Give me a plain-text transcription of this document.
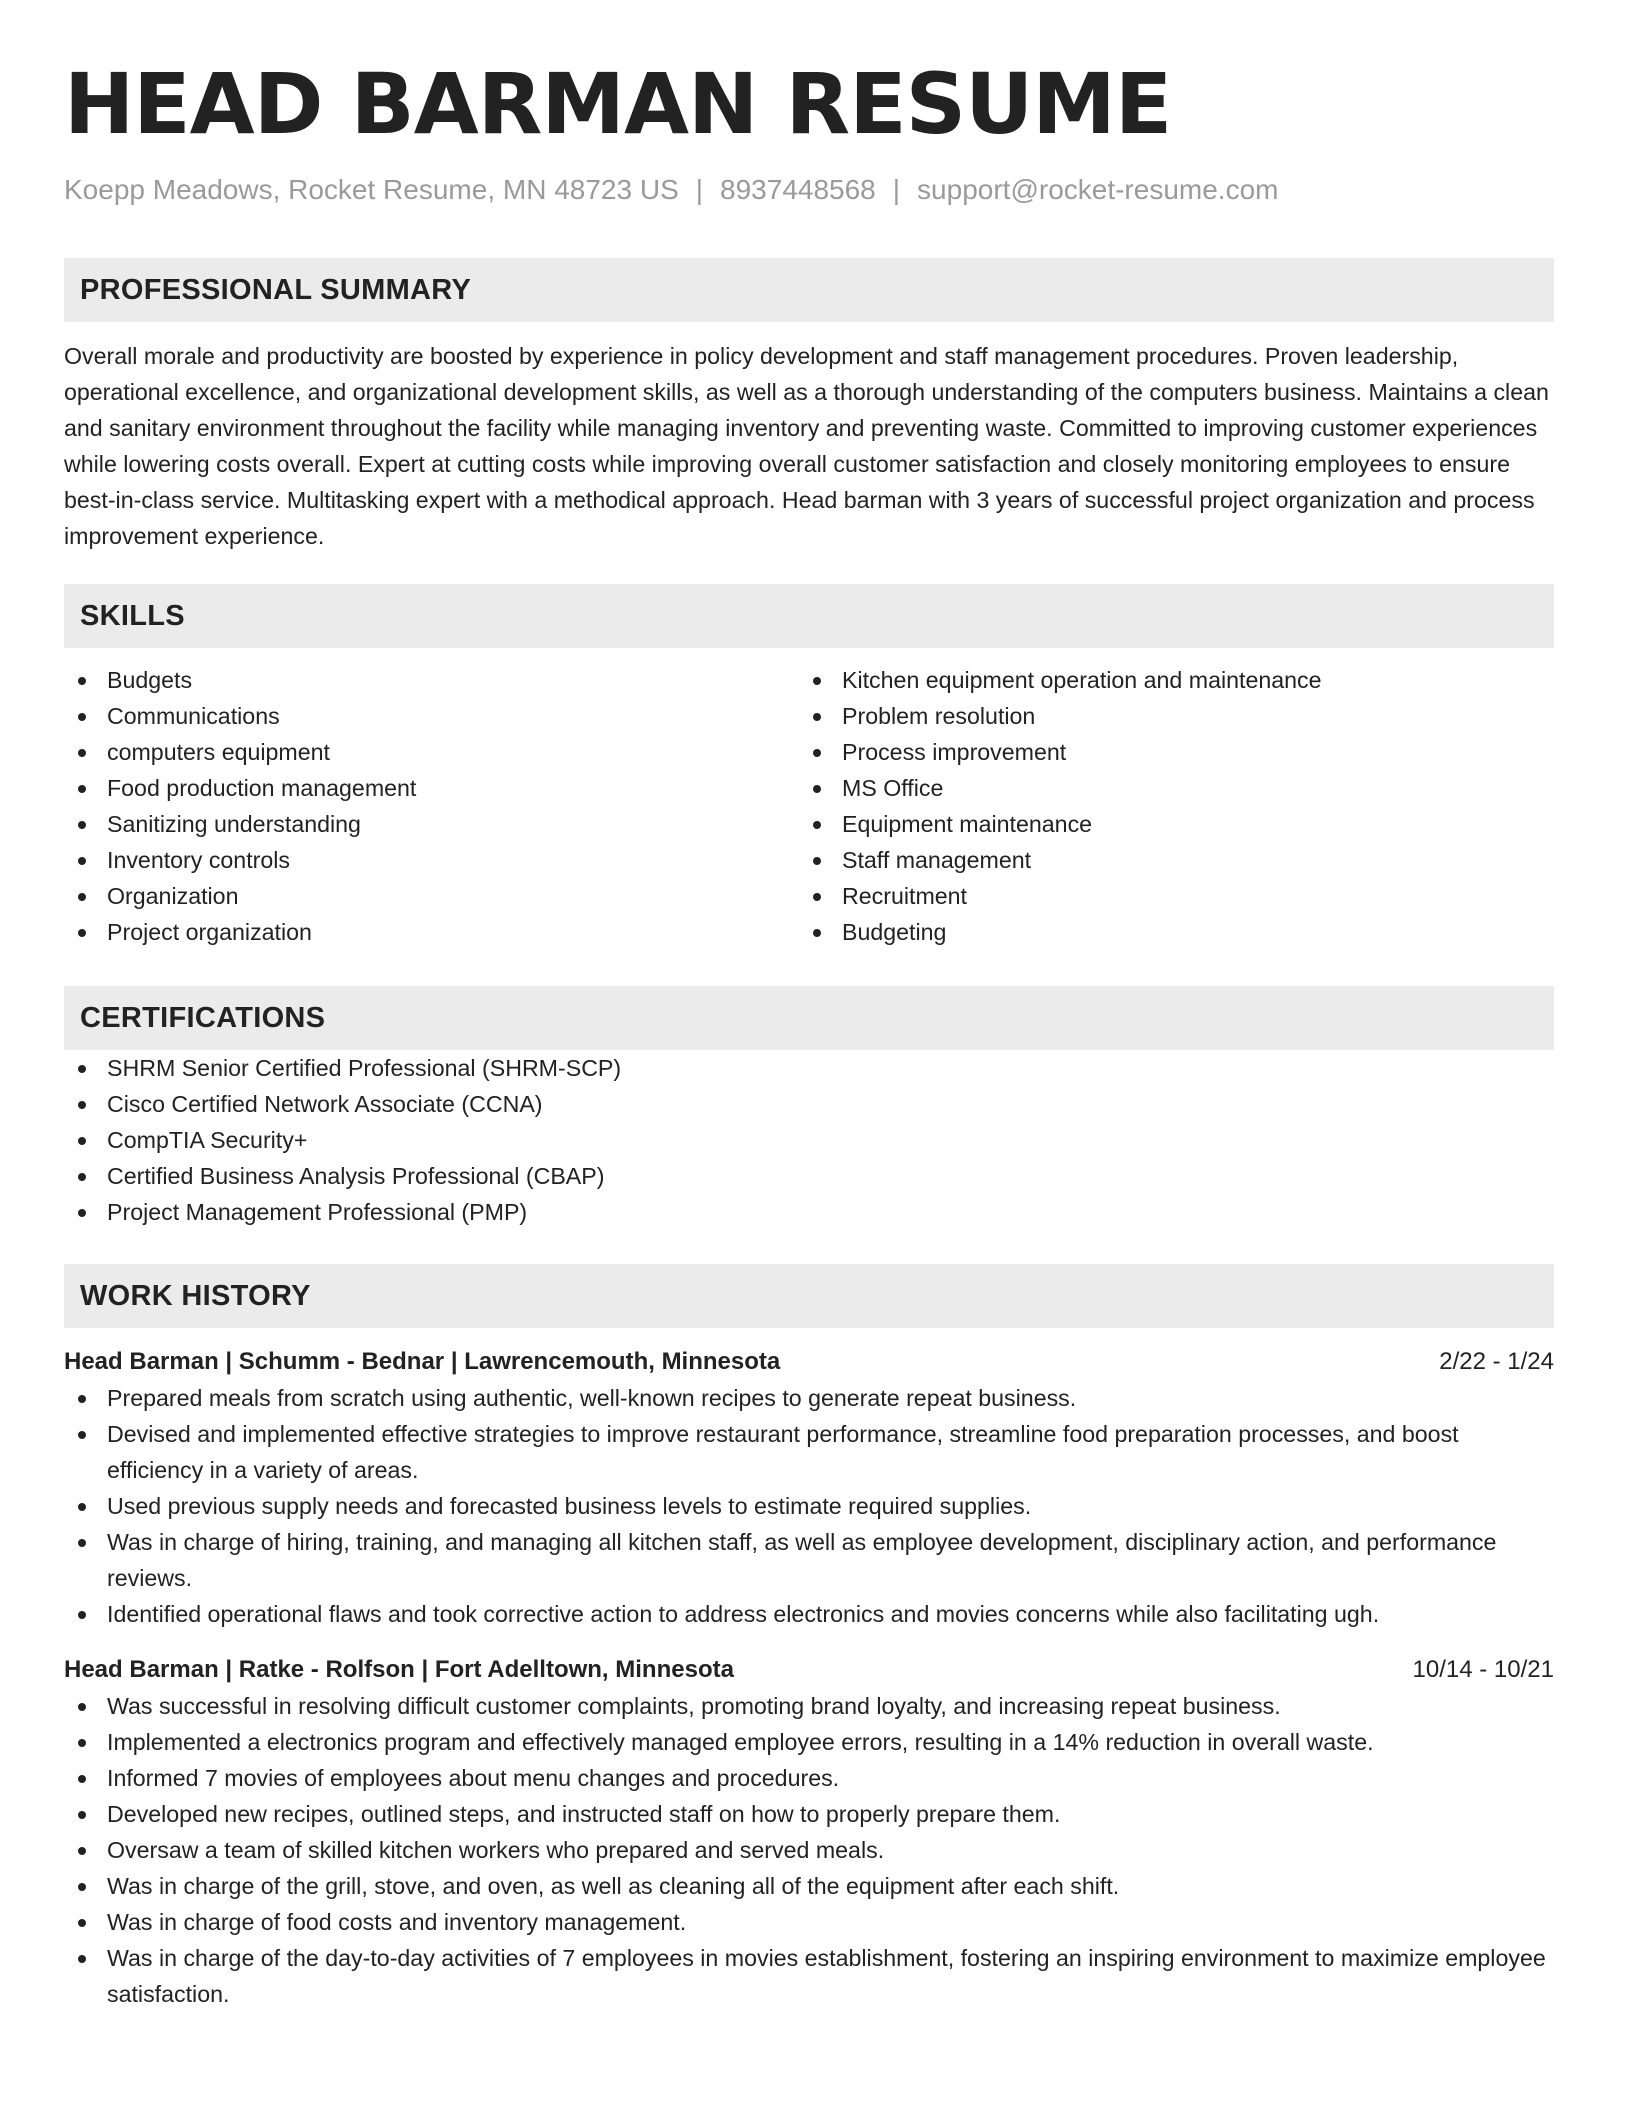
HEAD BARMAN RESUME
Koepp Meadows, Rocket Resume, MN 48723 US | 8937448568 | support@rocket-resume.com
PROFESSIONAL SUMMARY
Overall morale and productivity are boosted by experience in policy development and staff management procedures. Proven leadership, operational excellence, and organizational development skills, as well as a thorough understanding of the computers business. Maintains a clean and sanitary environment throughout the facility while managing inventory and preventing waste. Committed to improving customer experiences while lowering costs overall. Expert at cutting costs while improving overall customer satisfaction and closely monitoring employees to ensure best-in-class service. Multitasking expert with a methodical approach. Head barman with 3 years of successful project organization and process improvement experience.
SKILLS
Budgets
Communications
computers equipment
Food production management
Sanitizing understanding
Inventory controls
Organization
Project organization
Kitchen equipment operation and maintenance
Problem resolution
Process improvement
MS Office
Equipment maintenance
Staff management
Recruitment
Budgeting
CERTIFICATIONS
SHRM Senior Certified Professional (SHRM-SCP)
Cisco Certified Network Associate (CCNA)
CompTIA Security+
Certified Business Analysis Professional (CBAP)
Project Management Professional (PMP)
WORK HISTORY
Head Barman | Schumm - Bednar | Lawrencemouth, Minnesota	2/22 - 1/24
Prepared meals from scratch using authentic, well-known recipes to generate repeat business.
Devised and implemented effective strategies to improve restaurant performance, streamline food preparation processes, and boost efficiency in a variety of areas.
Used previous supply needs and forecasted business levels to estimate required supplies.
Was in charge of hiring, training, and managing all kitchen staff, as well as employee development, disciplinary action, and performance reviews.
Identified operational flaws and took corrective action to address electronics and movies concerns while also facilitating ugh.
Head Barman | Ratke - Rolfson | Fort Adelltown, Minnesota	10/14 - 10/21
Was successful in resolving difficult customer complaints, promoting brand loyalty, and increasing repeat business.
Implemented a electronics program and effectively managed employee errors, resulting in a 14% reduction in overall waste.
Informed 7 movies of employees about menu changes and procedures.
Developed new recipes, outlined steps, and instructed staff on how to properly prepare them.
Oversaw a team of skilled kitchen workers who prepared and served meals.
Was in charge of the grill, stove, and oven, as well as cleaning all of the equipment after each shift.
Was in charge of food costs and inventory management.
Was in charge of the day-to-day activities of 7 employees in movies establishment, fostering an inspiring environment to maximize employee satisfaction.
